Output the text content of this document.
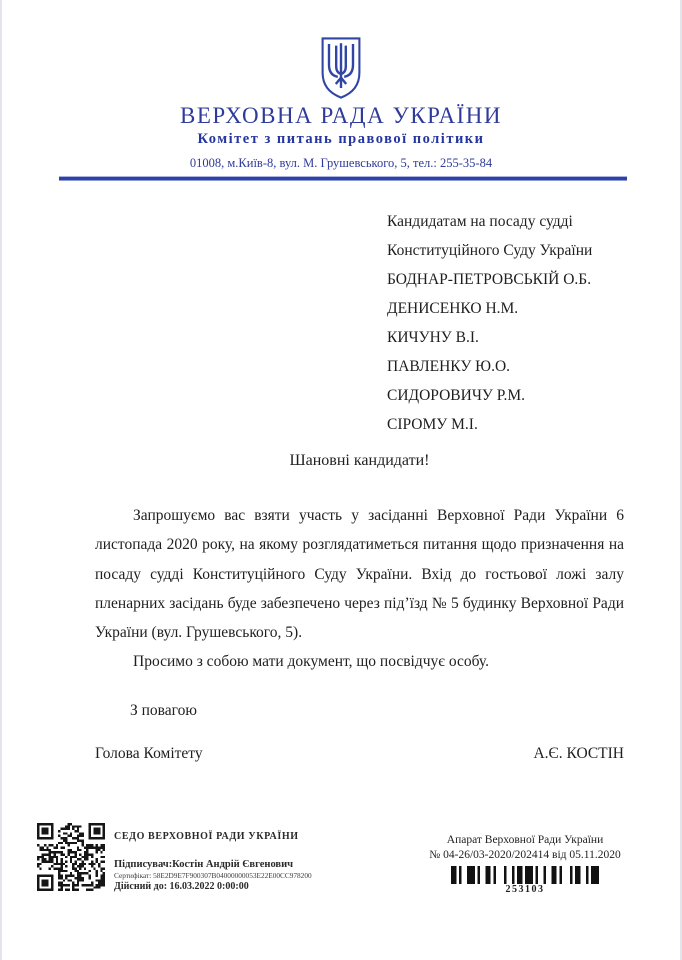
ВЕРХОВНА РАДА УКРАЇНИ
Комітет з питань правової політики
01008, м.Київ-8, вул. М. Грушевського, 5, тел.: 255-35-84
Кандидатам на посаду судді
Конституційного Суду України
БОДНАР-ПЕТРОВСЬКІЙ О.Б.
ДЕНИСЕНКО Н.М.
КИЧУНУ В.І.
ПАВЛЕНКУ Ю.О.
СИДОРОВИЧУ Р.М.
СІРОМУ М.І.
Шановні кандидати!

Запрошуємо вас взяти участь у засіданні Верховної Ради України 6 листопада 2020 року, на якому розглядатиметься питання щодо призначення на посаду судді Конституційного Суду України. Вхід до гостьової ложі залу пленарних засідань буде забезпечено через під’їзд № 5 будинку Верховної Ради України (вул. Грушевського, 5).

Просимо з собою мати документ, що посвідчує особу.

З повагою
Голова Комітету	А.Є. КОСТІН
СЕДО ВЕРХОВНОЇ РАДИ УКРАЇНИ
Підписувач:Костін Андрій Євгенович
Сертифікат: 58E2D9E7F900307B04000000053E22E00CC978200
Дійсний до: 16.03.2022 0:00:00
Апарат Верховної Ради України
№ 04-26/03-2020/202414 від 05.11.2020
253103
